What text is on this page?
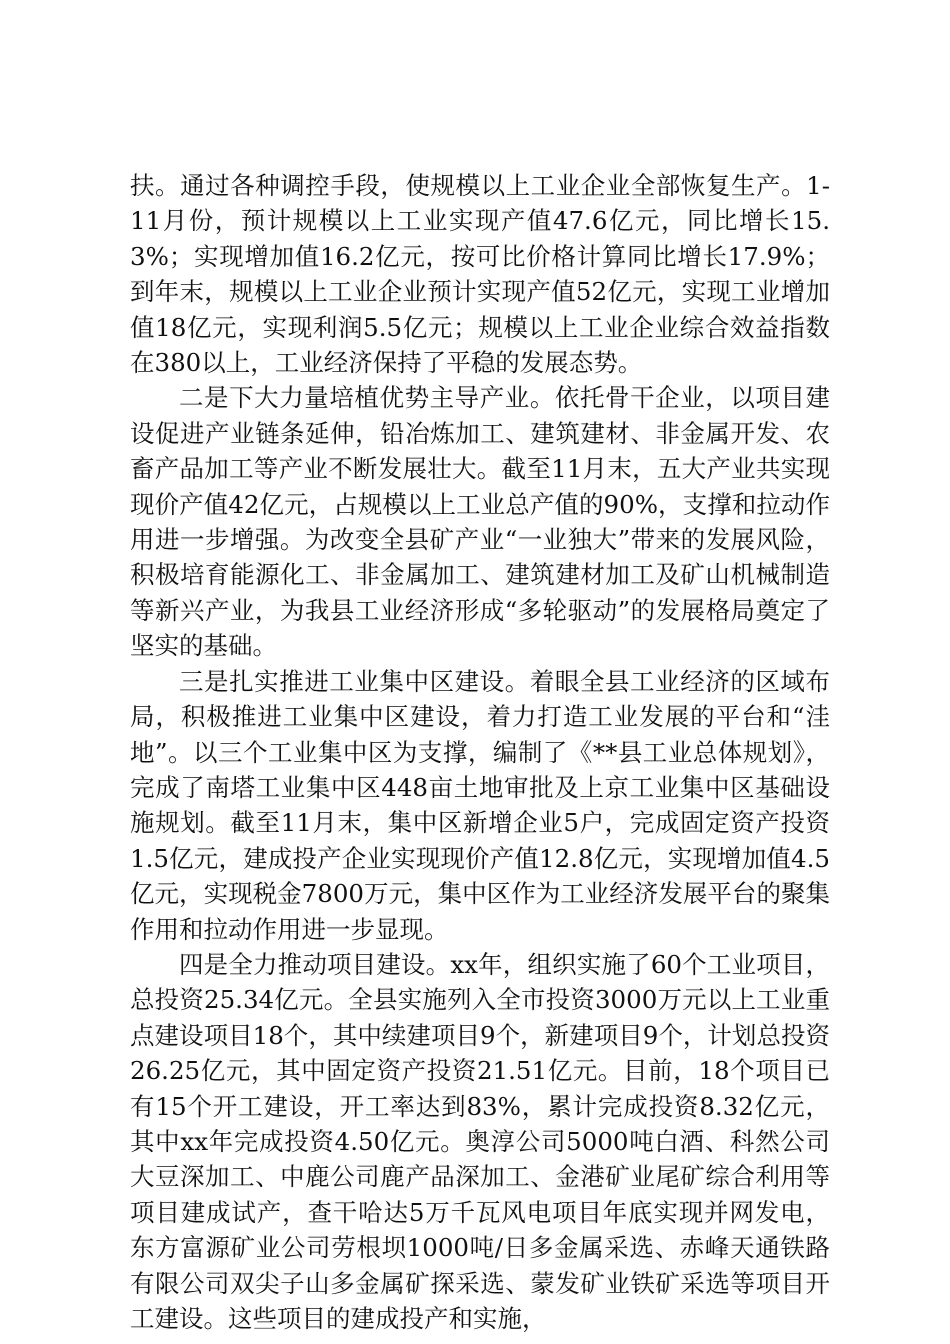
扶。通过各种调控手段，使规模以上工业企业全部恢复生产。1-11月份，预计规模以上工业实现产值47.6亿元，同比增长15.3%；实现增加值16.2亿元，按可比价格计算同比增长17.9%；到年末，规模以上工业企业预计实现产值52亿元，实现工业增加值18亿元，实现利润5.5亿元；规模以上工业企业综合效益指数在380以上，工业经济保持了平稳的发展态势。

二是下大力量培植优势主导产业。依托骨干企业，以项目建设促进产业链条延伸，铅冶炼加工、建筑建材、非金属开发、农畜产品加工等产业不断发展壮大。截至11月末，五大产业共实现现价产值42亿元，占规模以上工业总产值的90%，支撑和拉动作用进一步增强。为改变全县矿产业“一业独大”带来的发展风险，积极培育能源化工、非金属加工、建筑建材加工及矿山机械制造等新兴产业，为我县工业经济形成“多轮驱动”的发展格局奠定了坚实的基础。

三是扎实推进工业集中区建设。着眼全县工业经济的区域布局，积极推进工业集中区建设，着力打造工业发展的平台和“洼地”。以三个工业集中区为支撑，编制了《**县工业总体规划》，完成了南塔工业集中区448亩土地审批及上京工业集中区基础设施规划。截至11月末，集中区新增企业5户，完成固定资产投资1.5亿元，建成投产企业实现现价产值12.8亿元，实现增加值4.5亿元，实现税金7800万元，集中区作为工业经济发展平台的聚集作用和拉动作用进一步显现。

四是全力推动项目建设。xx年，组织实施了60个工业项目，总投资25.34亿元。全县实施列入全市投资3000万元以上工业重点建设项目18个，其中续建项目9个，新建项目9个，计划总投资26.25亿元，其中固定资产投资21.51亿元。目前，18个项目已有15个开工建设，开工率达到83%，累计完成投资8.32亿元，其中xx年完成投资4.50亿元。奥淳公司5000吨白酒、科然公司大豆深加工、中鹿公司鹿产品深加工、金港矿业尾矿综合利用等项目建成试产，查干哈达5万千瓦风电项目年底实现并网发电，东方富源矿业公司劳根坝1000吨/日多金属采选、赤峰天通铁路有限公司双尖子山多金属矿探采选、蒙发矿业铁矿采选等项目开工建设。这些项目的建成投产和实施，
